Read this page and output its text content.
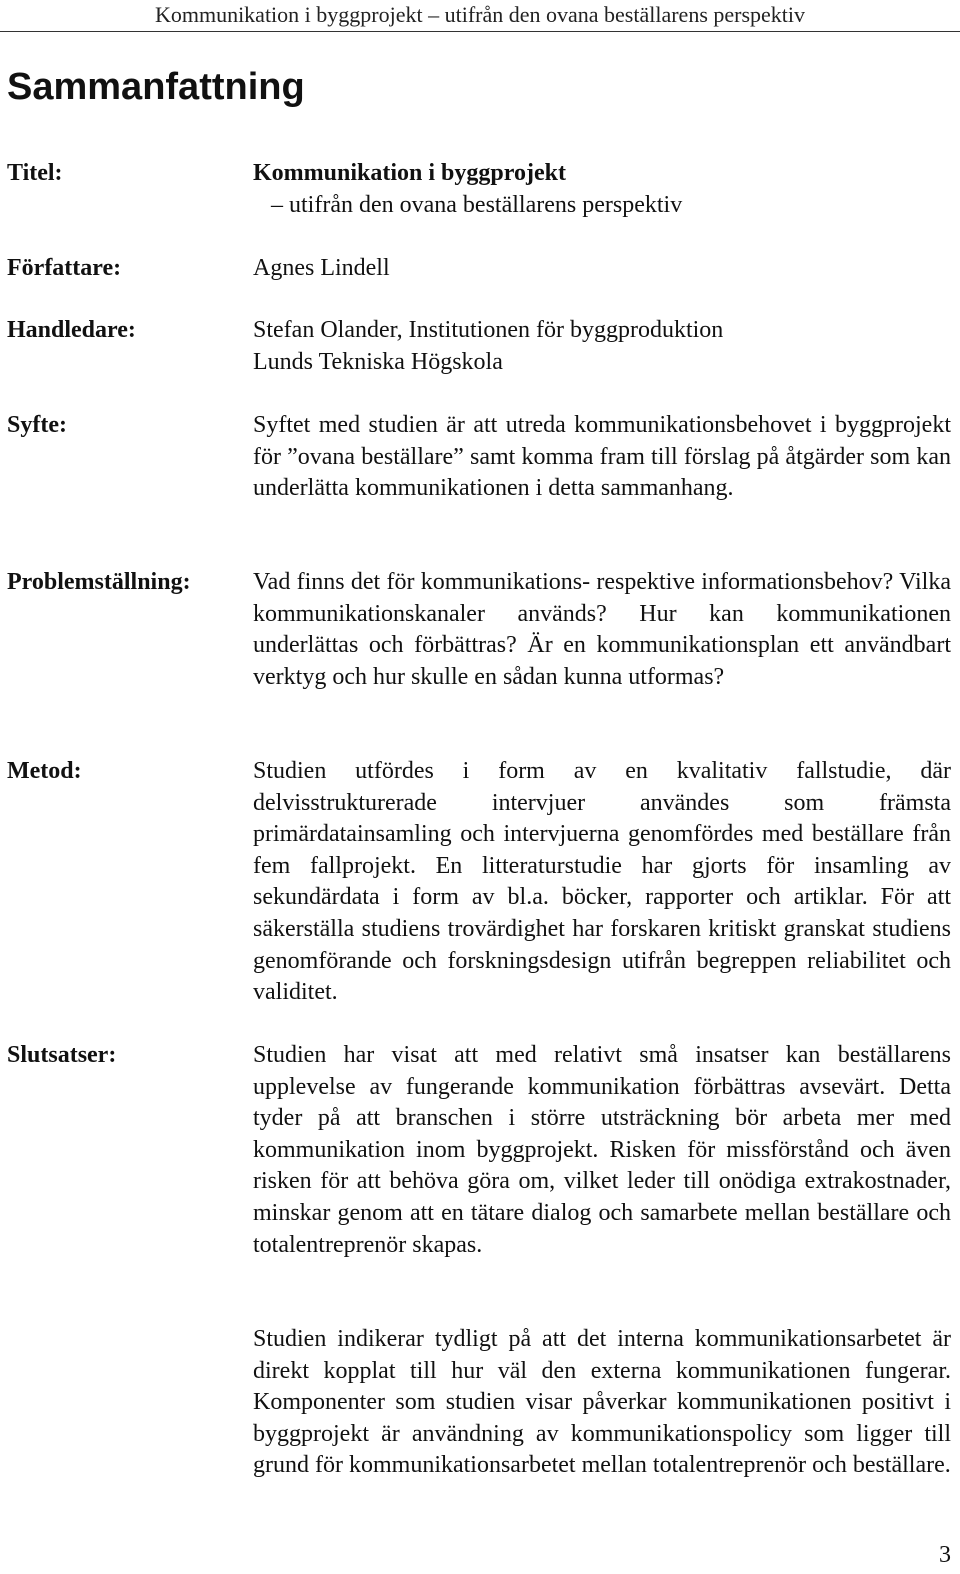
Kommunikation i byggprojekt – utifrån den ovana beställarens perspektiv
Sammanfattning
Titel:	Kommunikation i byggprojekt
– utifrån den ovana beställarens perspektiv
Författare:	Agnes Lindell
Handledare:	Stefan Olander, Institutionen för byggproduktion
Lunds Tekniska Högskola
Syfte:	Syftet med studien är att utreda kommunikationsbehovet i byggprojekt för ”ovana beställare” samt komma fram till förslag på åtgärder som kan underlätta kommunikationen i detta sammanhang.

Problemställning:	Vad finns det för kommunikations- respektive informationsbehov? Vilka kommunikationskanaler används? Hur kan kommunikationen underlättas och förbättras? Är en kommunikationsplan ett användbart verktyg och hur skulle en sådan kunna utformas?

Metod:	Studien utfördes i form av en kvalitativ fallstudie, där delvisstrukturerade intervjuer användes som främsta primärdatainsamling och intervjuerna genomfördes med beställare från fem fallprojekt. En litteraturstudie har gjorts för insamling av sekundärdata i form av bl.a. böcker, rapporter och artiklar. För att säkerställa studiens trovärdighet har forskaren kritiskt granskat studiens genomförande och forskningsdesign utifrån begreppen reliabilitet och validitet.

Slutsatser:	Studien har visat att med relativt små insatser kan beställarens upplevelse av fungerande kommunikation förbättras avsevärt. Detta tyder på att branschen i större utsträckning bör arbeta mer med kommunikation inom byggprojekt. Risken för missförstånd och även risken för att behöva göra om, vilket leder till onödiga extrakostnader, minskar genom att en tätare dialog och samarbete mellan beställare och totalentreprenör skapas.

Studien indikerar tydligt på att det interna kommunikationsarbetet är direkt kopplat till hur väl den externa kommunikationen fungerar. Komponenter som studien visar påverkar kommunikationen positivt i byggprojekt är användning av kommunikationspolicy som ligger till grund för kommunikationsarbetet mellan totalentreprenör och beställare.

3
